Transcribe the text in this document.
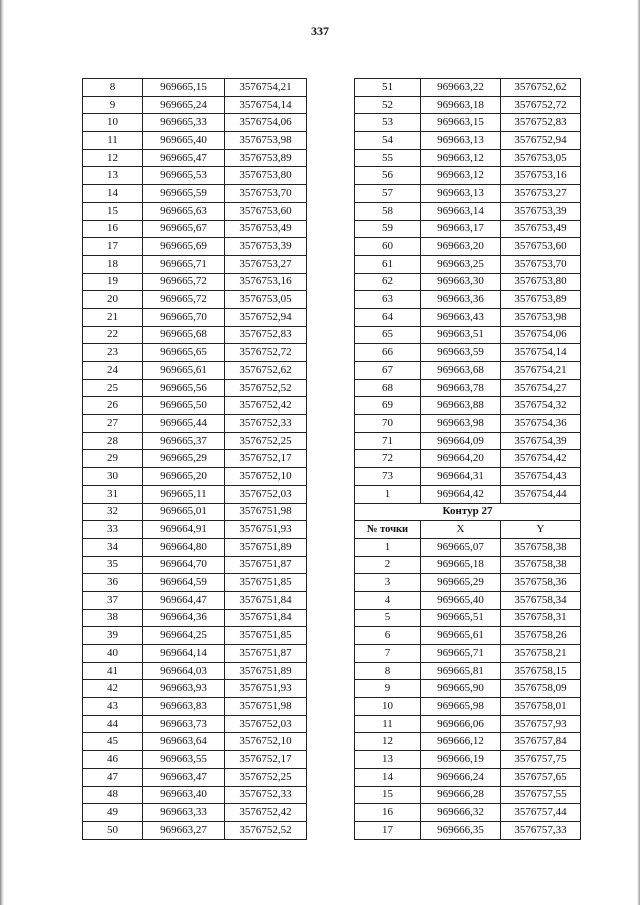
337
8	969665,15	3576754,21
9	969665,24	3576754,14
10	969665,33	3576754,06
11	969665,40	3576753,98
12	969665,47	3576753,89
13	969665,53	3576753,80
14	969665,59	3576753,70
15	969665,63	3576753,60
16	969665,67	3576753,49
17	969665,69	3576753,39
18	969665,71	3576753,27
19	969665,72	3576753,16
20	969665,72	3576753,05
21	969665,70	3576752,94
22	969665,68	3576752,83
23	969665,65	3576752,72
24	969665,61	3576752,62
25	969665,56	3576752,52
26	969665,50	3576752,42
27	969665,44	3576752,33
28	969665,37	3576752,25
29	969665,29	3576752,17
30	969665,20	3576752,10
31	969665,11	3576752,03
32	969665,01	3576751,98
33	969664,91	3576751,93
34	969664,80	3576751,89
35	969664,70	3576751,87
36	969664,59	3576751,85
37	969664,47	3576751,84
38	969664,36	3576751,84
39	969664,25	3576751,85
40	969664,14	3576751,87
41	969664,03	3576751,89
42	969663,93	3576751,93
43	969663,83	3576751,98
44	969663,73	3576752,03
45	969663,64	3576752,10
46	969663,55	3576752,17
47	969663,47	3576752,25
48	969663,40	3576752,33
49	969663,33	3576752,42
50	969663,27	3576752,52
51	969663,22	3576752,62
52	969663,18	3576752,72
53	969663,15	3576752,83
54	969663,13	3576752,94
55	969663,12	3576753,05
56	969663,12	3576753,16
57	969663,13	3576753,27
58	969663,14	3576753,39
59	969663,17	3576753,49
60	969663,20	3576753,60
61	969663,25	3576753,70
62	969663,30	3576753,80
63	969663,36	3576753,89
64	969663,43	3576753,98
65	969663,51	3576754,06
66	969663,59	3576754,14
67	969663,68	3576754,21
68	969663,78	3576754,27
69	969663,88	3576754,32
70	969663,98	3576754,36
71	969664,09	3576754,39
72	969664,20	3576754,42
73	969664,31	3576754,43
1	969664,42	3576754,44
Контур 27		
№ точки	X	Y
1	969665,07	3576758,38
2	969665,18	3576758,38
3	969665,29	3576758,36
4	969665,40	3576758,34
5	969665,51	3576758,31
6	969665,61	3576758,26
7	969665,71	3576758,21
8	969665,81	3576758,15
9	969665,90	3576758,09
10	969665,98	3576758,01
11	969666,06	3576757,93
12	969666,12	3576757,84
13	969666,19	3576757,75
14	969666,24	3576757,65
15	969666,28	3576757,55
16	969666,32	3576757,44
17	969666,35	3576757,33
